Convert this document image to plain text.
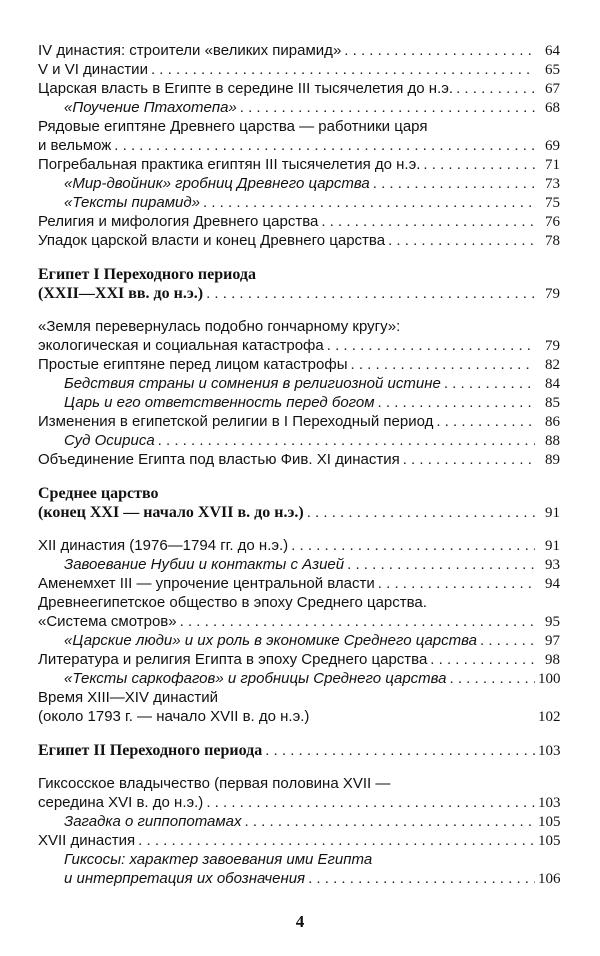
IV династия: строители «великих пирамид» . . .	64
V и VI династии . . .	65
Царская власть в Египте в середине III тысячелетия до н.э. . . .	67
«Поучение Птахотепа» . . .	68
Рядовые египтяне Древнего царства — работники царя
и вельмож . . .	69
Погребальная практика египтян III тысячелетия до н.э. . . .	71
«Мир-двойник» гробниц Древнего царства . . .	73
«Тексты пирамид» . . .	75
Религия и мифология Древнего царства . . .	76
Упадок царской власти и конец Древнего царства . . .	78
Египет I Переходного периода
(XXII—XXI вв. до н.э.) . . .	79
«Земля перевернулась подобно гончарному кругу»:
экологическая и социальная катастрофа . . .	79
Простые египтяне перед лицом катастрофы . . .	82
Бедствия страны и сомнения в религиозной истине . . .	84
Царь и его ответственность перед богом . . .	85
Изменения в египетской религии в I Переходный период . . .	86
Суд Осириса . . .	88
Объединение Египта под властью Фив. XI династия . . .	89
Среднее царство
(конец XXI — начало XVII в. до н.э.) . . .	91
XII династия (1976—1794 гг. до н.э.) . . .	91
Завоевание Нубии и контакты с Азией . . .	93
Аменемхет III — упрочение центральной власти . . .	94
Древнеегипетское общество в эпоху Среднего царства.
«Система смотров» . . .	95
«Царские люди» и их роль в экономике Среднего царства . . .	97
Литература и религия Египта в эпоху Среднего царства . . .	98
«Тексты саркофагов» и гробницы Среднего царства . . .	100
Время XIII—XIV династий
(около 1793 г. — начало XVII в. до н.э.)	102
Египет II Переходного периода . . .	103
Гиксосское владычество (первая половина XVII —
середина XVI в. до н.э.) . . .	103
Загадка о гиппопотамах . . .	105
XVII династия . . .	105
Гиксосы: характер завоевания ими Египта
и интерпретация их обозначения . . .	106
4
